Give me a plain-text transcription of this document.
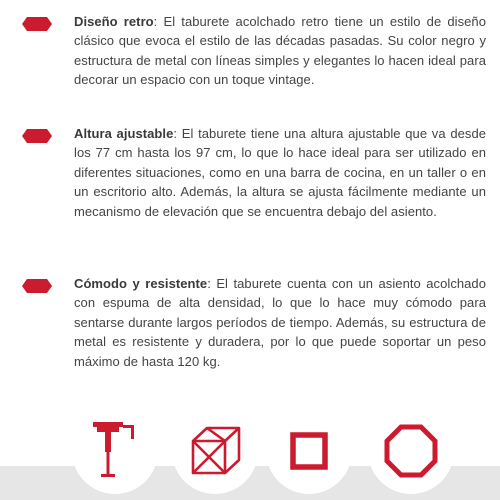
Diseño retro: El taburete acolchado retro tiene un estilo de diseño clásico que evoca el estilo de las décadas pasadas. Su color negro y estructura de metal con líneas simples y elegantes lo hacen ideal para decorar un espacio con un toque vintage.

Altura ajustable: El taburete tiene una altura ajustable que va desde los 77 cm hasta los 97 cm, lo que lo hace ideal para ser utilizado en diferentes situaciones, como en una barra de cocina, en un taller o en un escritorio alto. Además, la altura se ajusta fácilmente mediante un mecanismo de elevación que se encuentra debajo del asiento.

Cómodo y resistente: El taburete cuenta con un asiento acolchado con espuma de alta densidad, lo que lo hace muy cómodo para sentarse durante largos períodos de tiempo. Además, su estructura de metal es resistente y duradera, por lo que puede soportar un peso máximo de hasta 120 kg.
